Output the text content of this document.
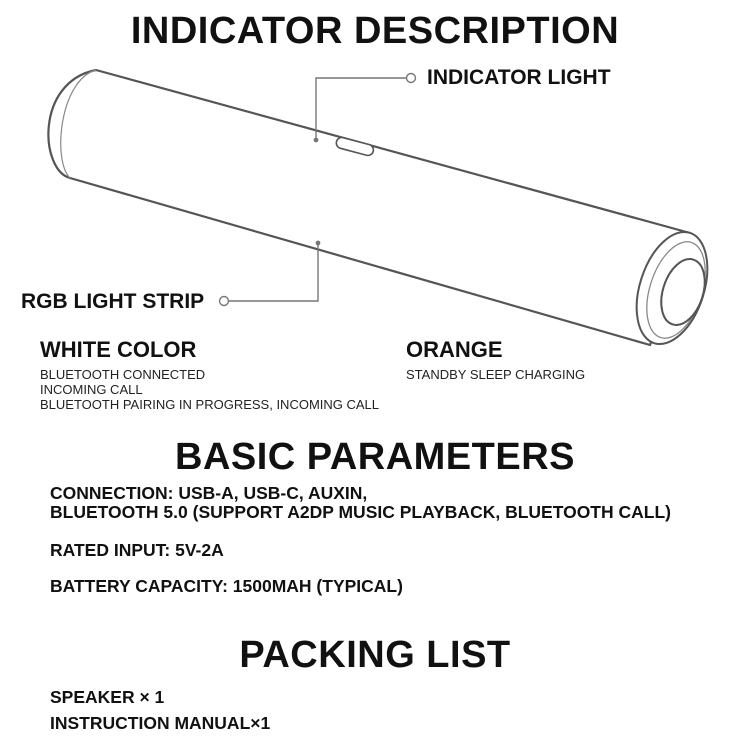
INDICATOR DESCRIPTION
INDICATOR LIGHT
RGB LIGHT STRIP
WHITE COLOR
BLUETOOTH CONNECTED
INCOMING CALL
BLUETOOTH PAIRING IN PROGRESS, INCOMING CALL
ORANGE
STANDBY SLEEP CHARGING
BASIC PARAMETERS
CONNECTION: USB-A, USB-C, AUXIN,
BLUETOOTH 5.0 (SUPPORT A2DP MUSIC PLAYBACK, BLUETOOTH CALL)
RATED INPUT: 5V-2A
BATTERY CAPACITY: 1500MAH (TYPICAL)
PACKING LIST
SPEAKER × 1
INSTRUCTION MANUAL×1
